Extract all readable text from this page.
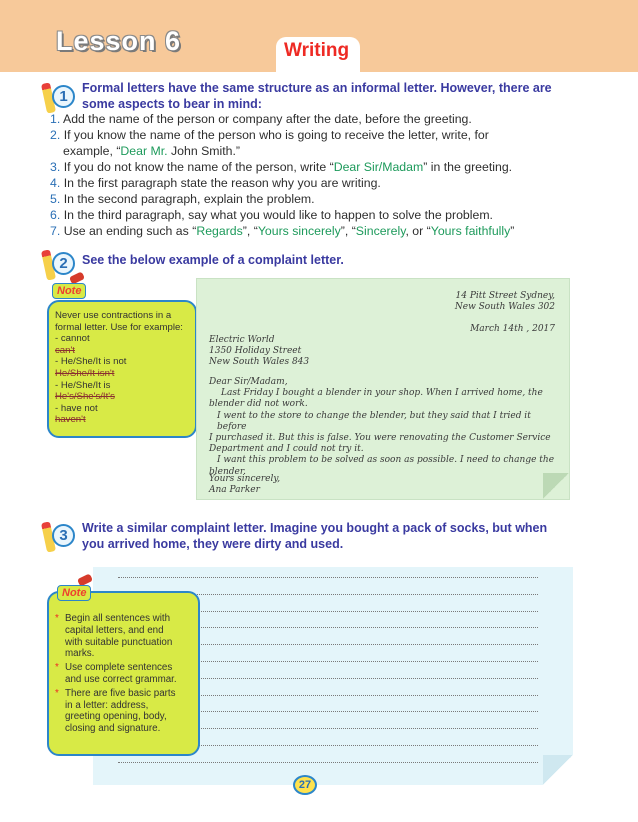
Lesson 6	Writing
1	Formal letters have the same structure as an informal letter. However, there are
some aspects to bear in mind:
1. Add the name of the person or company after the date, before the greeting.
2. If you know the name of the person who is going to receive the letter, write, for
example, “Dear Mr. John Smith.”
3. If you do not know the name of the person, write “Dear Sir/Madam” in the greeting.
4. In the first paragraph state the reason why you are writing.
5. In the second paragraph, explain the problem.
6. In the third paragraph, say what you would like to happen to solve the problem.
7. Use an ending such as “Regards”, “Yours sincerely”, “Sincerely, or “Yours faithfully”
2	See the below example of a complaint letter.
Note
Never use contractions in a
formal letter. Use for example:
- cannot
can't
- He/She/It is not
He/She/It isn't
- He/She/It is
He's/She's/It's
- have not
haven't
14 Pitt Street Sydney,
New South Wales 302
March 14th , 2017
Electric World
1350 Holiday Street
New South Wales 843
Dear Sir/Madam,
Last Friday I bought a blender in your shop. When I arrived home, the
blender did not work.
I went to the store to change the blender, but they said that I tried it before
I purchased it. But this is false. You were renovating the Customer Service
Department and I could not try it.
I want this problem to be solved as soon as possible. I need to change the
blender.
Yours sincerely,
Ana Parker
3	Write a similar complaint letter. Imagine you bought a pack of socks, but when
you arrived home, they were dirty and used.
Note
* Begin all sentences with
capital letters, and end
with suitable punctuation
marks.
* Use complete sentences
and use correct grammar.
* There are five basic parts
in a letter: address,
greeting opening, body,
closing and signature.
27
